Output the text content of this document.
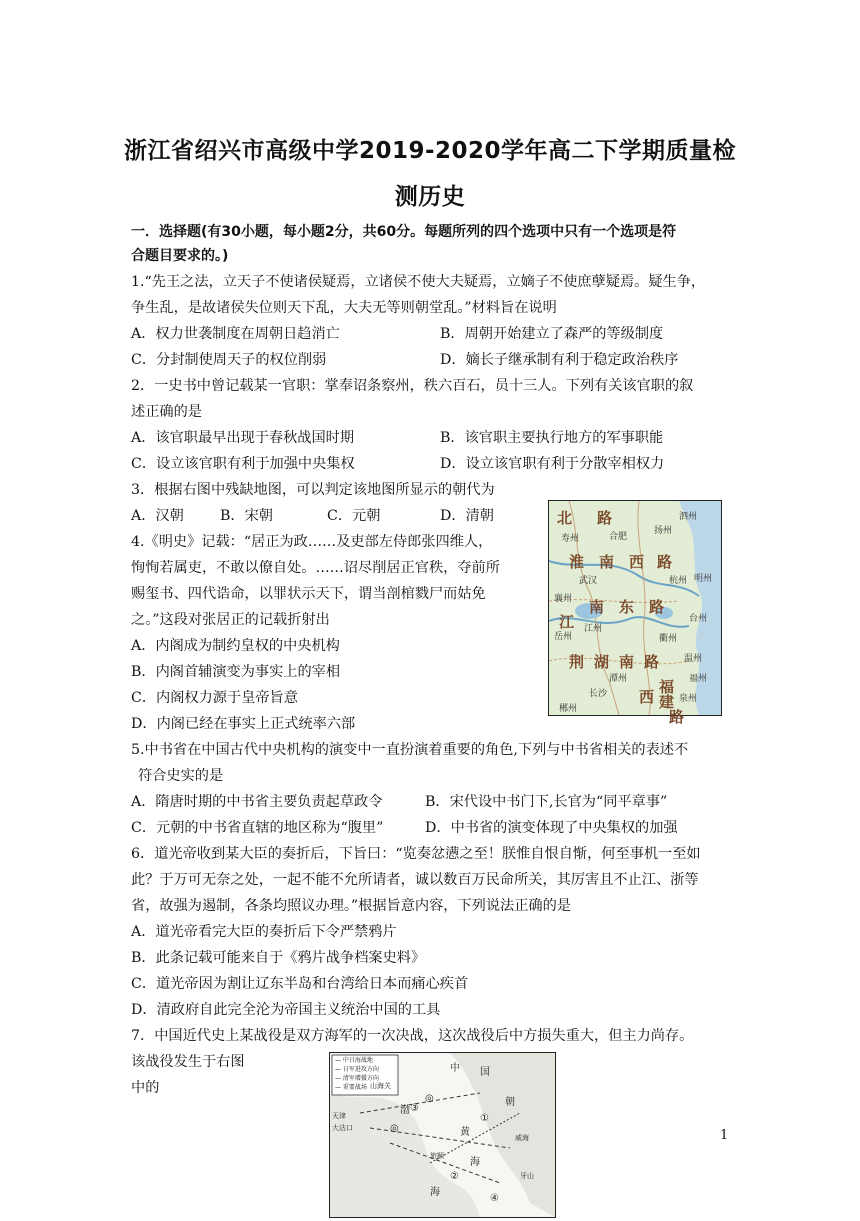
浙江省绍兴市高级中学2019-2020学年高二下学期质量检
测历史
一．选择题(有30小题，每小题2分，共60分。每题所列的四个选项中只有一个选项是符
合题目要求的。)
1.“先王之法，立天子不使诸侯疑焉，立诸侯不使大夫疑焉，立嫡子不使庶孽疑焉。疑生争，
争生乱，是故诸侯失位则天下乱，大夫无等则朝堂乱。”材料旨在说明
A．权力世袭制度在周朝日趋消亡	B．周朝开始建立了森严的等级制度
C．分封制使周天子的权位削弱	D．嫡长子继承制有利于稳定政治秩序
2．一史书中曾记载某一官职：掌奉诏条察州，秩六百石，员十三人。下列有关该官职的叙
述正确的是
A．该官职最早出现于春秋战国时期	B．该官职主要执行地方的军事职能
C．设立该官职有利于加强中央集权	D．设立该官职有利于分散宰相权力
3．根据右图中残缺地图，可以判定该地图所显示的朝代为
A．汉朝	B．宋朝	C．元朝	D．清朝	北 路
淮 南 西 路
江
南 东 路
荆 湖 南 路
福
建
路
西
泗州
寿州
杭州 明州
台州
温州
福州
泉州
岳州
武汉
长沙
潭州
襄州
郴州
衢州
江州
合肥
扬州
4.《明史》记载：“居正为政……及吏部左侍郎张四维人，
恂恂若属吏，不敢以僚自处。……诏尽削居正官秩，夺前所
赐玺书、四代诰命，以罪状示天下，谓当剖棺戮尸而姑免
之。”这段对张居正的记载折射出
A．内阁成为制约皇权的中央机构
B．内阁首辅演变为事实上的宰相
C．内阁权力源于皇帝旨意
D．内阁已经在事实上正式统率六部
5.中书省在中国古代中央机构的演变中一直扮演着重要的角色,下列与中书省相关的表述不
符合史实的是
A．隋唐时期的中书省主要负责起草政令	B．宋代设中书门下,长官为“同平章事”
C．元朝的中书省直辖的地区称为“腹里”	D．中书省的演变体现了中央集权的加强
6．道光帝收到某大臣的奏折后，下旨曰：“览奏忿懑之至！朕惟自恨自惭，何至事机一至如
此？于万可无奈之处，一起不能不允所请者，诚以数百万民命所关，其厉害且不止江、浙等
省，故强为遏制，各条均照议办理。”根据旨意内容，下列说法正确的是
A．道光帝看完大臣的奏折后下令严禁鸦片
B．此条记载可能来自于《鸦片战争档案史料》
C．道光帝因为割让辽东半岛和台湾给日本而痛心疾首
D．清政府自此完全沦为帝国主义统治中国的工具
7．中国近代史上某战役是双方海军的一次决战，这次战役后中方损失重大，但主力尚存。
该战役发生于右图
中的
— 中日海战地
— 日军进攻方向
— 清军增援方向
— 重要战场
中 国
朝
山海关
渤
天津
大沽口	黄
海
海
威海
牙山
旅顺
③
①
②
④
◎
◎
1
